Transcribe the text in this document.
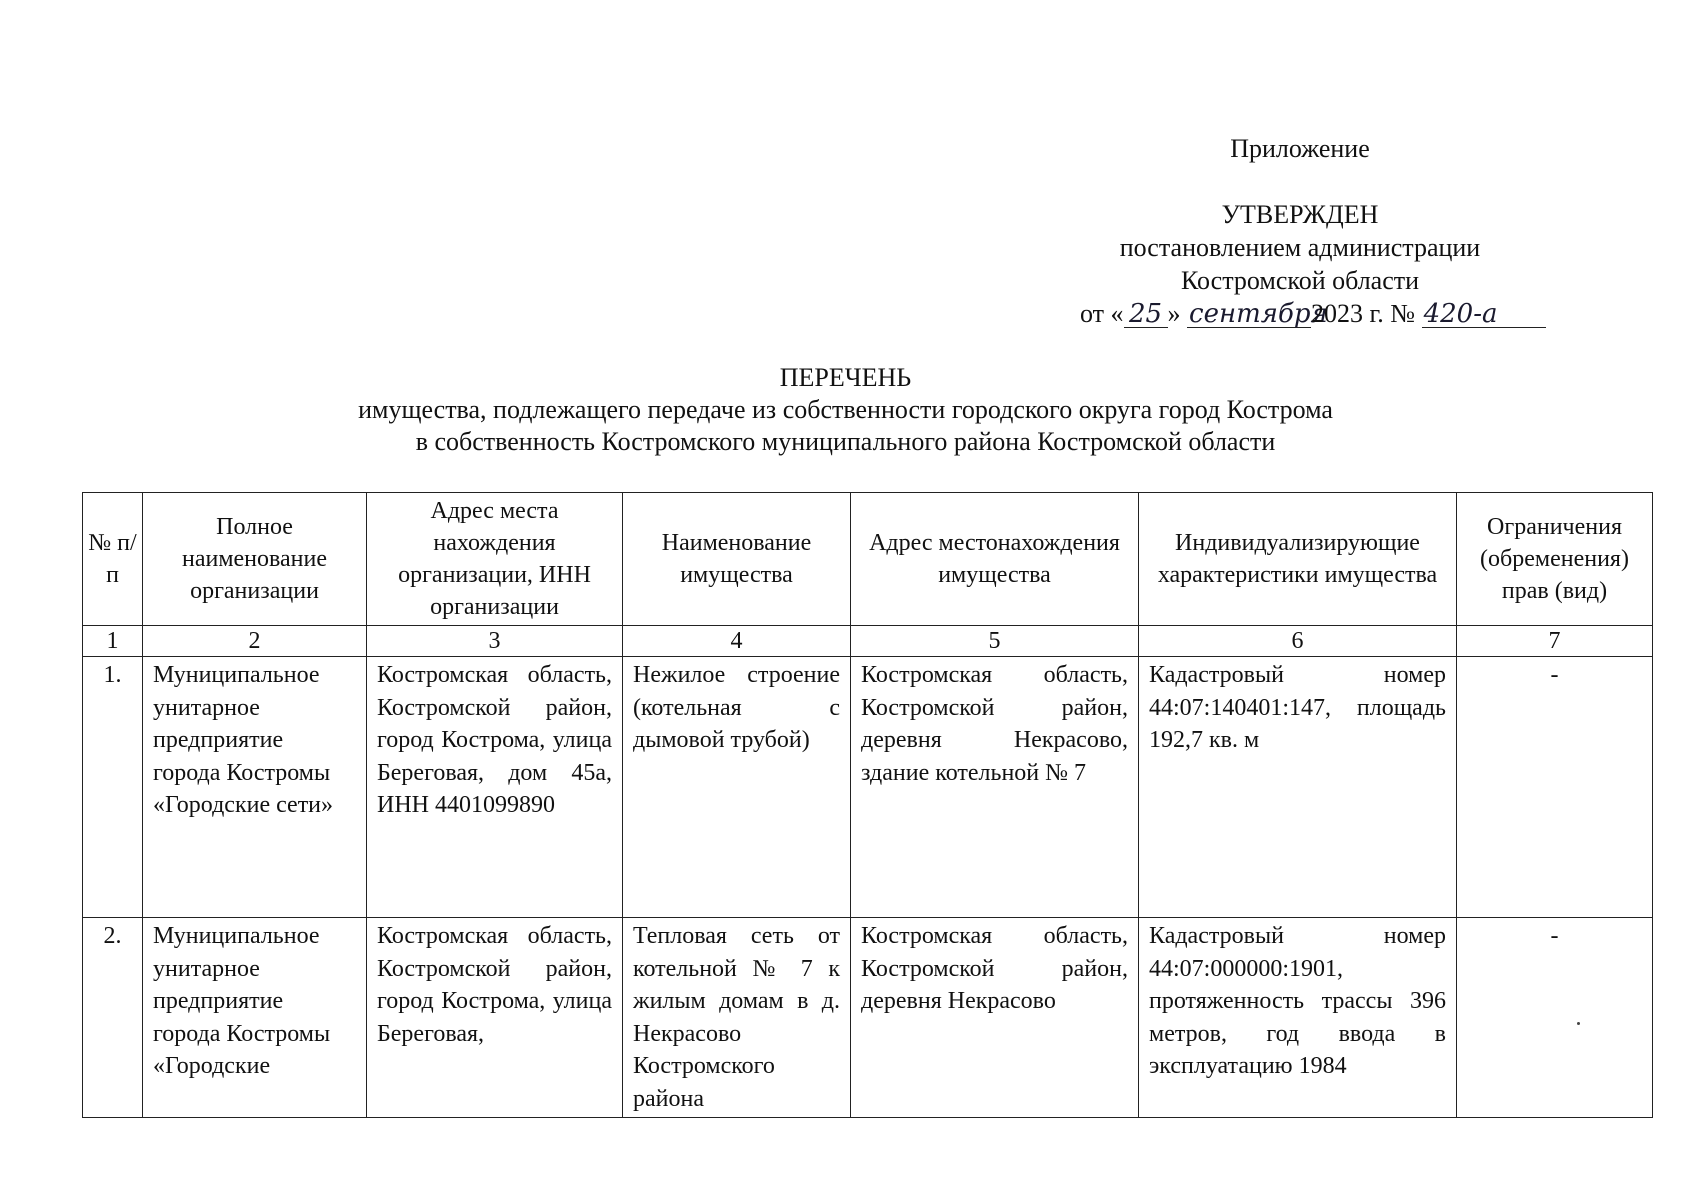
Приложение
УТВЕРЖДЕН
постановлением администрации
Костромской области
от « 25 » сентября2023 г. № 420-а
ПЕРЕЧЕНЬ
имущества, подлежащего передаче из собственности городского округа город Кострома
в собственность Костромского муниципального района Костромской области
№ п/п	Полное наименование организации	Адрес места нахождения организации, ИНН организации	Наименование имущества	Адрес местонахождения имущества	Индивидуализирующие характеристики имущества	Ограничения (обременения) прав (вид)
1	2	3	4	5	6	7
1.	Муниципальное унитарное предприятие города Костромы «Городские сети»	Костромская область, Костромской район, город Кострома, улица Береговая, дом 45а, ИНН 4401099890	Нежилое строение (котельная с дымовой трубой)	Костромская область, Костромской район, деревня Некрасово, здание котельной № 7	Кадастровый номер 44:07:140401:147, площадь 192,7 кв. м	-
2.	Муниципальное унитарное предприятие города Костромы «Городские	Костромская область, Костромской район, город Кострома, улица Береговая,	Тепловая сеть от котельной № 7 к жилым домам в д. Некрасово Костромского района	Костромская область, Костромской район, деревня Некрасово	Кадастровый номер 44:07:000000:1901, протяженность трассы 396 метров, год ввода в эксплуатацию 1984	-
